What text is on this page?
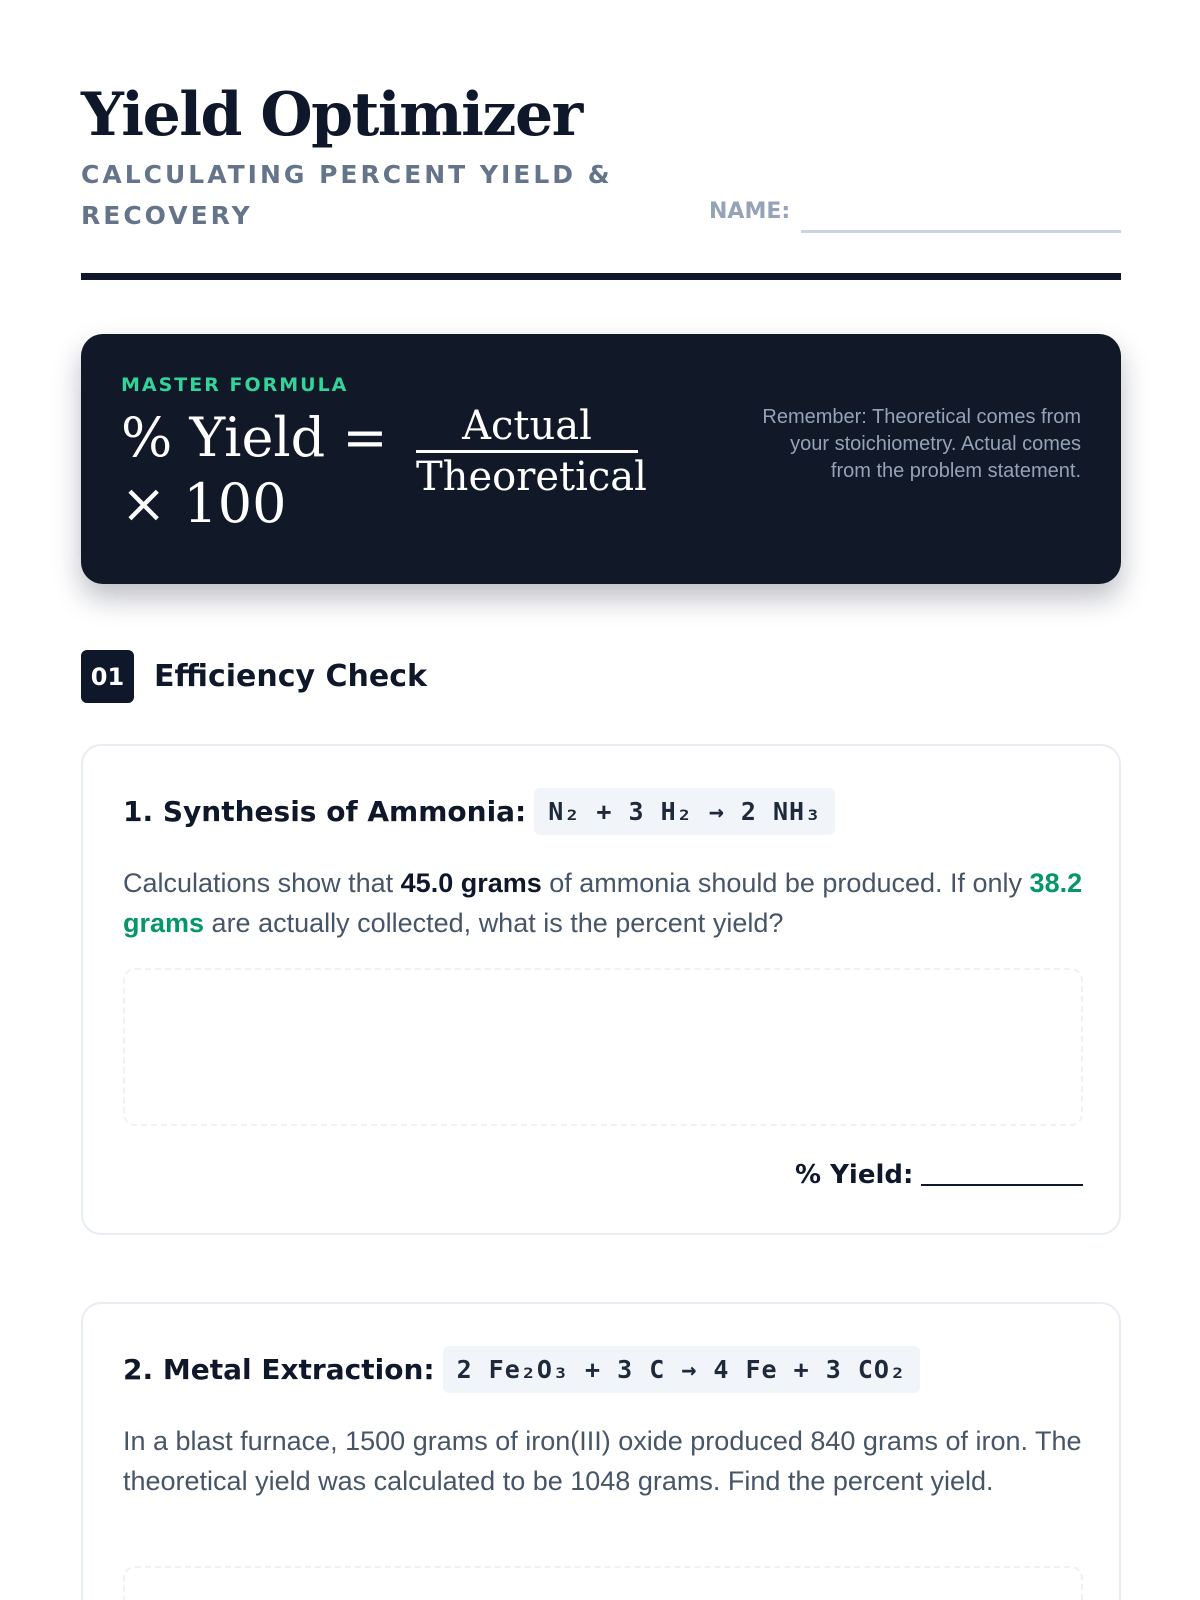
Yield Optimizer
CALCULATING PERCENT YIELD & RECOVERY	NAME:
MASTER FORMULA
% Yield =	Actual
Theoretical
× 100
Remember: Theoretical comes from your stoichiometry. Actual comes from the problem statement.
01 Efficiency Check
1. Synthesis of Ammonia: N₂ + 3 H₂ → 2 NH₃

Calculations show that 45.0 grams of ammonia should be produced. If only 38.2 grams are actually collected, what is the percent yield?

% Yield:
2. Metal Extraction: 2 Fe₂O₃ + 3 C → 4 Fe + 3 CO₂

In a blast furnace, 1500 grams of iron(III) oxide produced 840 grams of iron. The theoretical yield was calculated to be 1048 grams. Find the percent yield.
